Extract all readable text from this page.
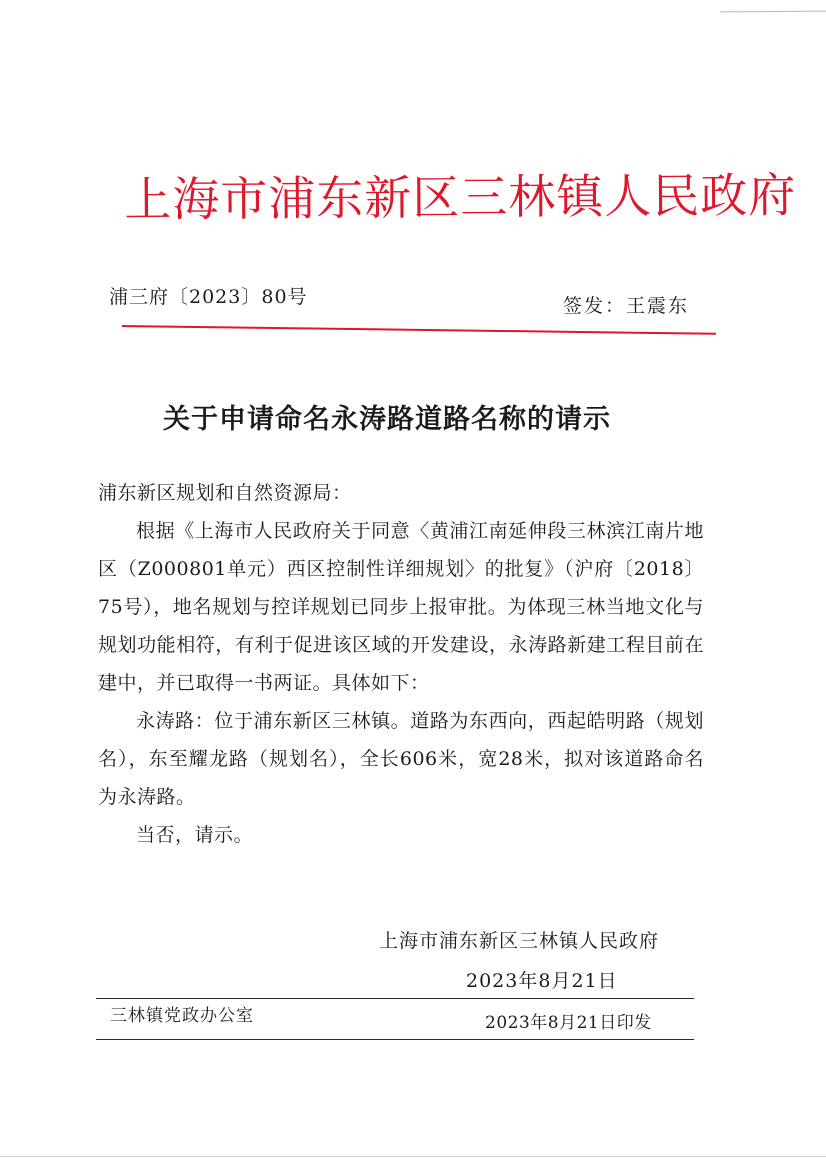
上海市浦东新区三林镇人民政府
浦三府〔2023〕80号	签发：王震东
关于申请命名永涛路道路名称的请示

浦东新区规划和自然资源局：

根据《上海市人民政府关于同意〈黄浦江南延伸段三林滨江南片地区（Z000801单元）西区控制性详细规划〉的批复》（沪府〔2018〕75号），地名规划与控详规划已同步上报审批。为体现三林当地文化与规划功能相符，有利于促进该区域的开发建设，永涛路新建工程目前在建中，并已取得一书两证。具体如下：

永涛路：位于浦东新区三林镇。道路为东西向，西起皓明路（规划名），东至耀龙路（规划名），全长606米，宽28米，拟对该道路命名为永涛路。

当否，请示。

上海市浦东新区三林镇人民政府
2023年8月21日
三林镇党政办公室	2023年8月21日印发
